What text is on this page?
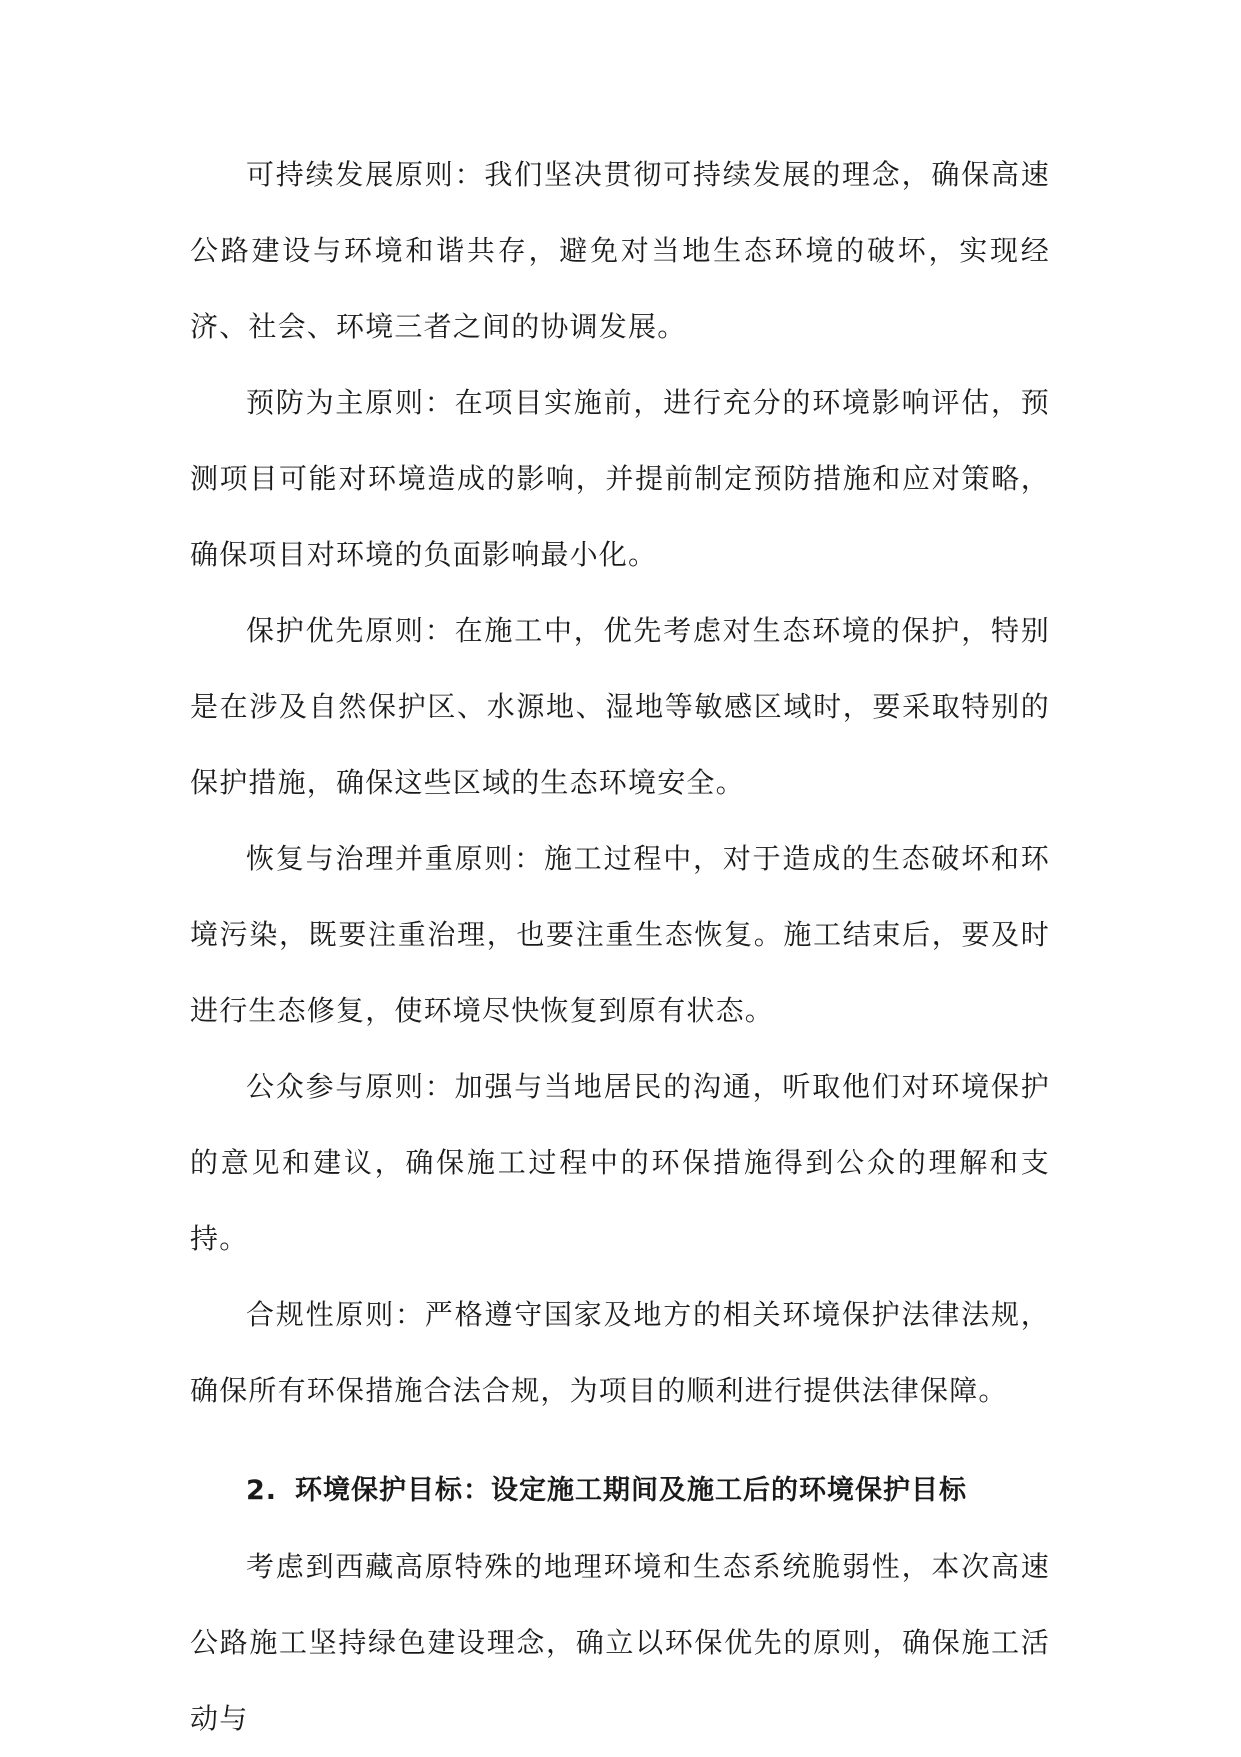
可持续发展原则：我们坚决贯彻可持续发展的理念，确保高速公路建设与环境和谐共存，避免对当地生态环境的破坏，实现经济、社会、环境三者之间的协调发展。

预防为主原则：在项目实施前，进行充分的环境影响评估，预测项目可能对环境造成的影响，并提前制定预防措施和应对策略，确保项目对环境的负面影响最小化。

保护优先原则：在施工中，优先考虑对生态环境的保护，特别是在涉及自然保护区、水源地、湿地等敏感区域时，要采取特别的保护措施，确保这些区域的生态环境安全。

恢复与治理并重原则：施工过程中，对于造成的生态破坏和环境污染，既要注重治理，也要注重生态恢复。施工结束后，要及时进行生态修复，使环境尽快恢复到原有状态。

公众参与原则：加强与当地居民的沟通，听取他们对环境保护的意见和建议，确保施工过程中的环保措施得到公众的理解和支持。

合规性原则：严格遵守国家及地方的相关环境保护法律法规，确保所有环保措施合法合规，为项目的顺利进行提供法律保障。

2. 环境保护目标：设定施工期间及施工后的环境保护目标

考虑到西藏高原特殊的地理环境和生态系统脆弱性，本次高速公路施工坚持绿色建设理念，确立以环保优先的原则，确保施工活动与
